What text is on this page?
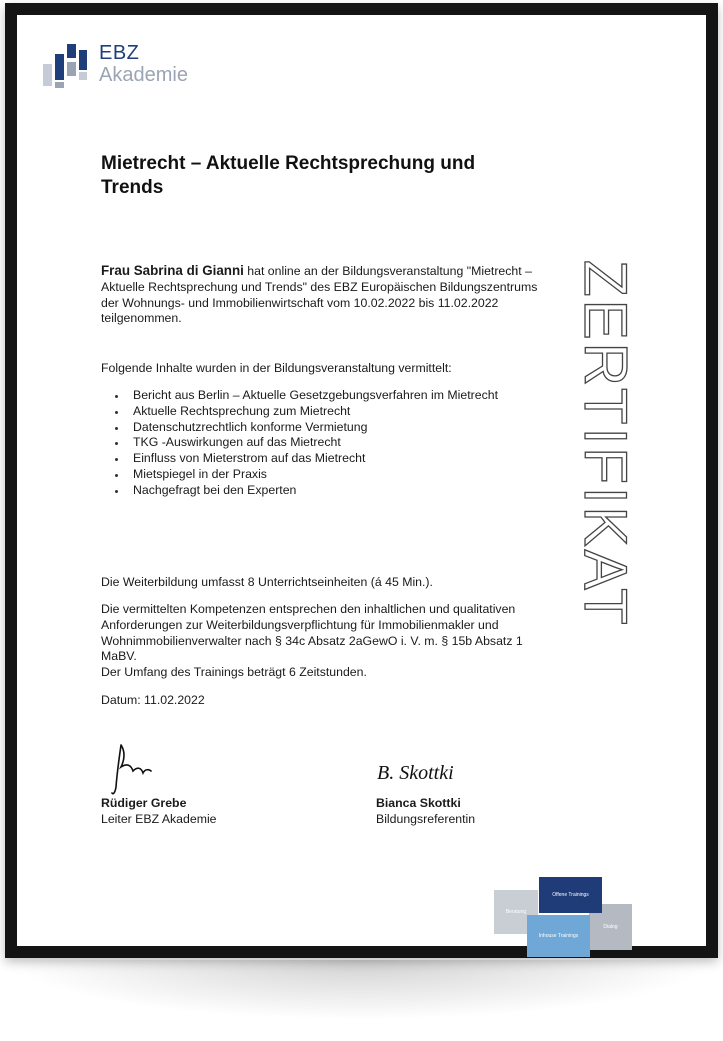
EBZ
Akademie
Mietrecht – Aktuelle Rechtsprechung und Trends

Frau Sabrina di Gianni hat online an der Bildungsveranstaltung "Mietrecht – Aktuelle Rechtsprechung und Trends" des EBZ Europäischen Bildungszentrums der Wohnungs- und Immobilienwirtschaft vom 10.02.2022 bis 11.02.2022 teilgenommen.

Folgende Inhalte wurden in der Bildungsveranstaltung vermittelt:

Bericht aus Berlin – Aktuelle Gesetzgebungsverfahren im Mietrecht
Aktuelle Rechtsprechung zum Mietrecht
Datenschutzrechtlich konforme Vermietung
TKG -Auswirkungen auf das Mietrecht
Einfluss von Mieterstrom auf das Mietrecht
Mietspiegel in der Praxis
Nachgefragt bei den Experten

Die Weiterbildung umfasst 8 Unterrichtseinheiten (á 45 Min.).

Die vermittelten Kompetenzen entsprechen den inhaltlichen und qualitativen Anforderungen zur Weiterbildungsverpflichtung für Immobilienmakler und Wohnimmobilienverwalter nach § 34c Absatz 2aGewO i. V. m. § 15b Absatz 1 MaBV.
Der Umfang des Trainings beträgt 6 Zeitstunden.

Datum: 11.02.2022

ZERTIFIKAT
B. Skottki
Rüdiger Grebe
Leiter EBZ Akademie
Bianca Skottki
Bildungsreferentin
Beratung
Dialog
Offene Trainings
Inhouse Trainings
